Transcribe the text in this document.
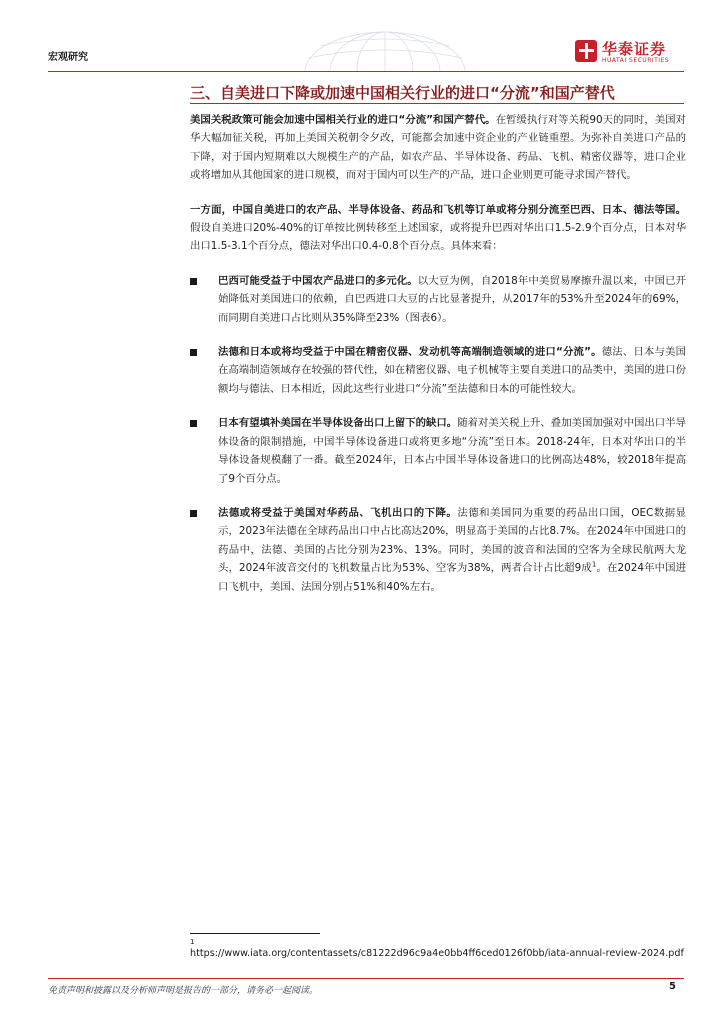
宏观研究	华泰证券
HUATAI SECURITIES
三、自美进口下降或加速中国相关行业的进口“分流”和国产替代

美国关税政策可能会加速中国相关行业的进口“分流”和国产替代。在暂缓执行对等关税90天的同时，美国对华大幅加征关税，再加上美国关税朝令夕改，可能都会加速中资企业的产业链重塑。为弥补自美进口产品的下降，对于国内短期难以大规模生产的产品，如农产品、半导体设备、药品、飞机、精密仪器等，进口企业或将增加从其他国家的进口规模，而对于国内可以生产的产品，进口企业则更可能寻求国产替代。

一方面，中国自美进口的农产品、半导体设备、药品和飞机等订单或将分别分流至巴西、日本、德法等国。假设自美进口20%-40%的订单按比例转移至上述国家，或将提升巴西对华出口1.5-2.9个百分点，日本对华出口1.5-3.1个百分点，德法对华出口0.4-0.8个百分点。具体来看：

巴西可能受益于中国农产品进口的多元化。以大豆为例，自2018年中美贸易摩擦升温以来，中国已开始降低对美国进口的依赖，自巴西进口大豆的占比显著提升，从2017年的53%升至2024年的69%，而同期自美进口占比则从35%降至23%（图表6）。

法德和日本或将均受益于中国在精密仪器、发动机等高端制造领域的进口“分流”。德法、日本与美国在高端制造领域存在较强的替代性，如在精密仪器、电子机械等主要自美进口的品类中，美国的进口份额均与德法、日本相近，因此这些行业进口“分流”至法德和日本的可能性较大。

日本有望填补美国在半导体设备出口上留下的缺口。随着对美关税上升、叠加美国加强对中国出口半导体设备的限制措施，中国半导体设备进口或将更多地“分流”至日本。2018-24年，日本对华出口的半导体设备规模翻了一番。截至2024年，日本占中国半导体设备进口的比例高达48%，较2018年提高了9个百分点。

法德或将受益于美国对华药品、飞机出口的下降。法德和美国同为重要的药品出口国，OEC数据显示，2023年法德在全球药品出口中占比高达20%，明显高于美国的占比8.7%。在2024年中国进口的药品中，法德、美国的占比分别为23%、13%。同时，美国的波音和法国的空客为全球民航两大龙头，2024年波音交付的飞机数量占比为53%、空客为38%，两者合计占比超9成$^1$。在2024年中国进口飞机中，美国、法国分别占51%和40%左右。

1
https://www.iata.org/contentassets/c81222d96c9a4e0bb4ff6ced0126f0bb/iata-annual-review-2024.pdf
免责声明和披露以及分析师声明是报告的一部分，请务必一起阅读。	5
